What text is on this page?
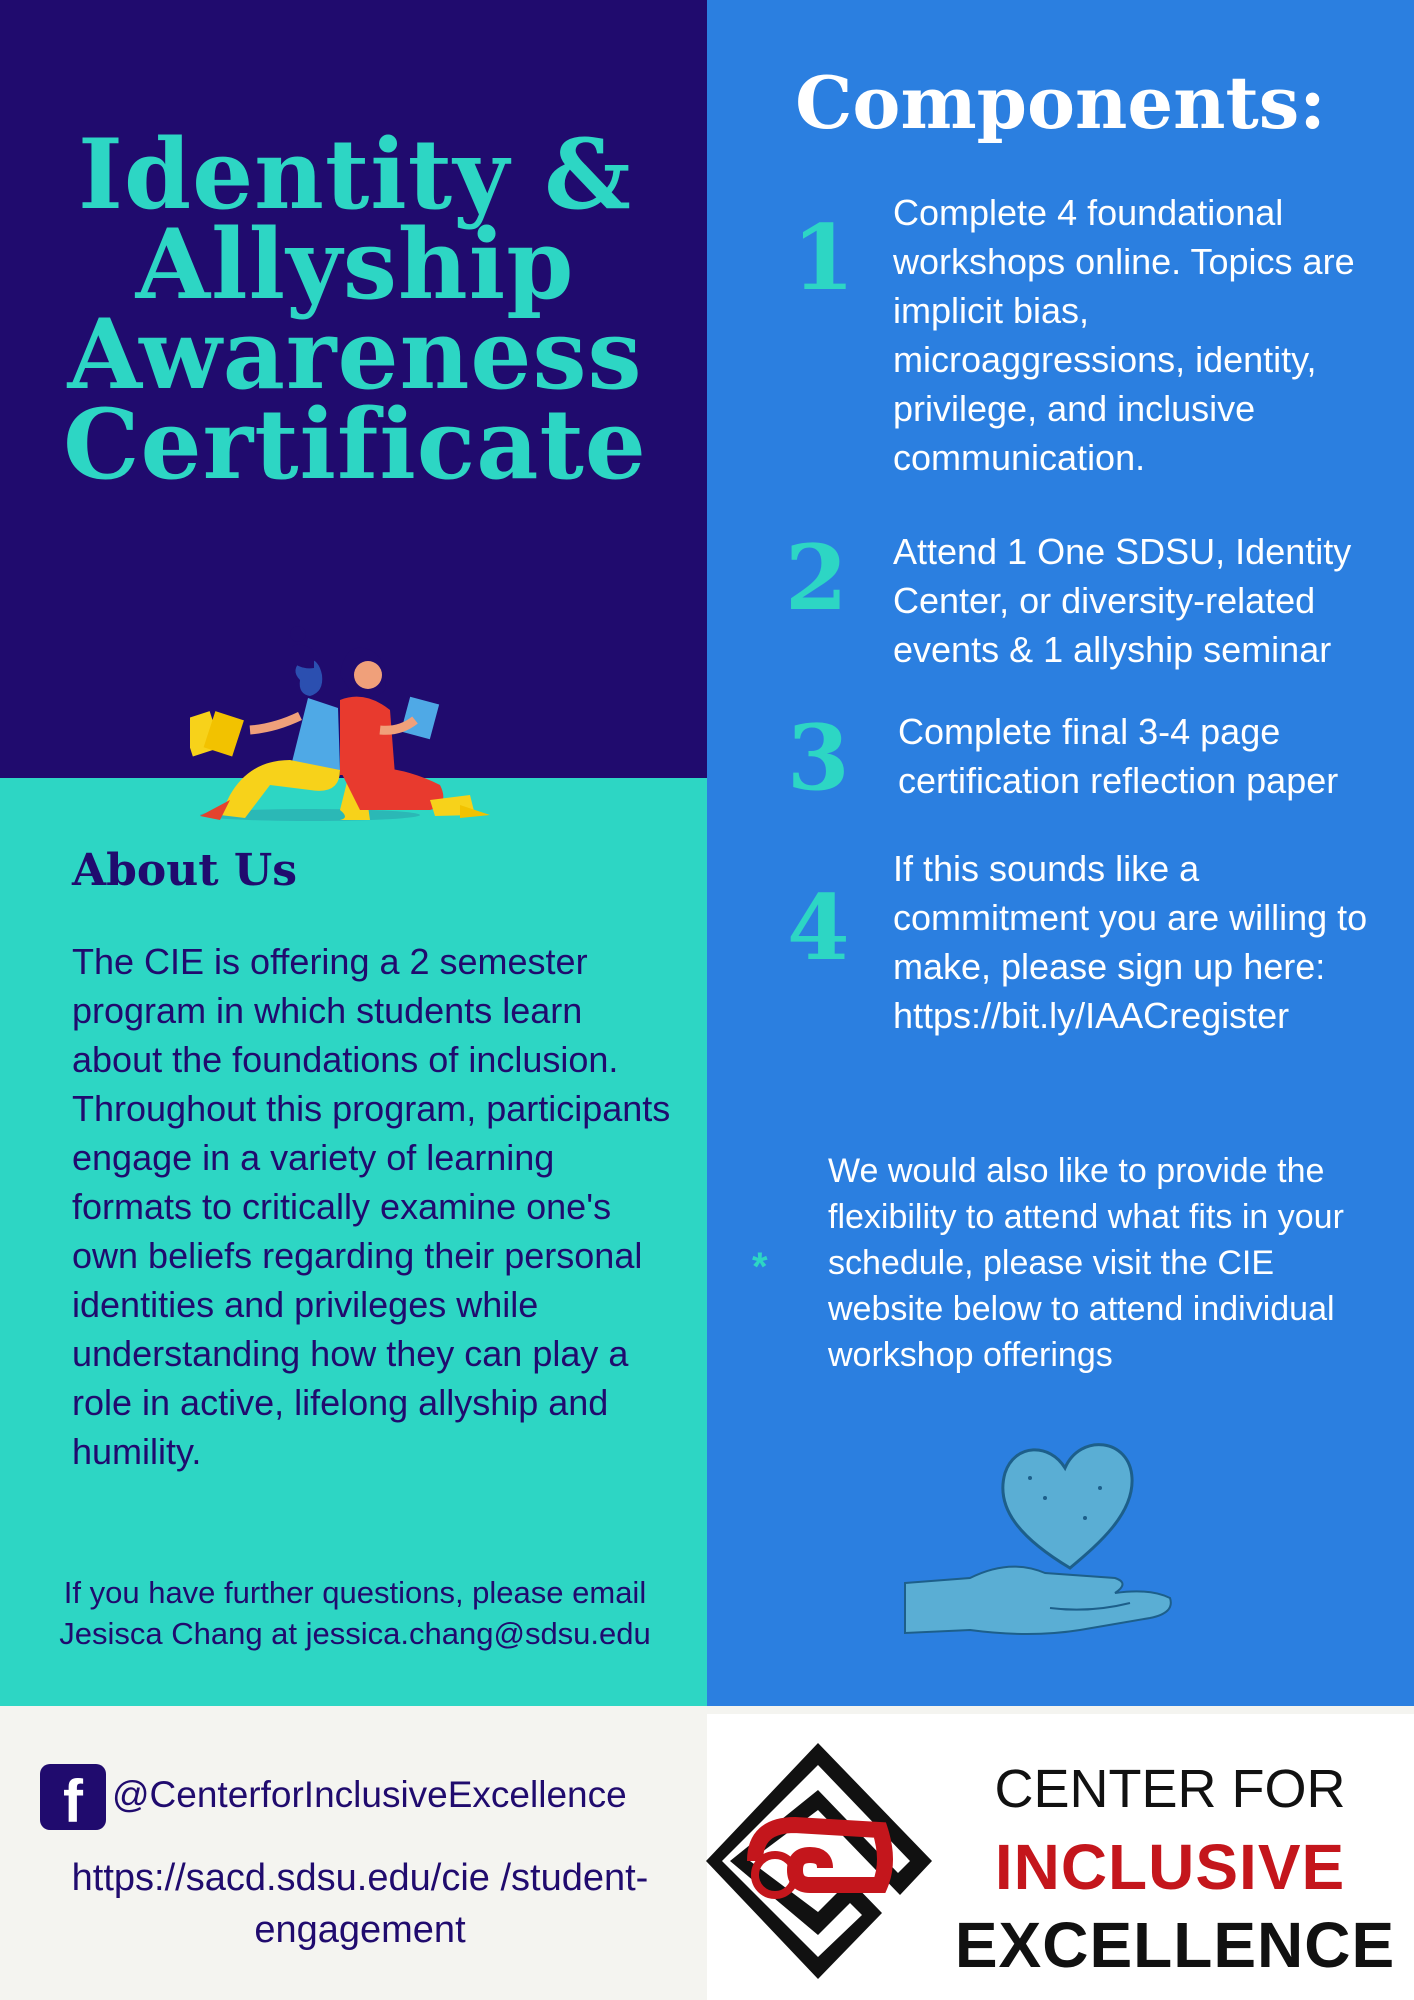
Identity &
Allyship
Awareness
Certificate
About Us
The CIE is offering a 2 semester program in which students learn about the foundations of inclusion. Throughout this program, participants engage in a variety of learning formats to critically examine one's own beliefs regarding their personal identities and privileges while understanding how they can play a role in active, lifelong allyship and humility.
If you have further questions, please email Jesisca Chang at jessica.chang@sdsu.edu
Components:
1 Complete 4 foundational workshops online. Topics are implicit bias, microaggressions, identity, privilege, and inclusive communication.
2 Attend 1 One SDSU, Identity Center, or diversity-related events & 1 allyship seminar
3 Complete final 3-4 page certification reflection paper
4
If this sounds like a commitment you are willing to make, please sign up here: https://bit.ly/IAACregister
*
We would also like to provide the flexibility to attend what fits in your schedule, please visit the CIE website below to attend individual workshop offerings
f @CenterforInclusiveExcellence
https://sacd.sdsu.edu/cie /student-engagement
CENTER FOR
INCLUSIVE
EXCELLENCE
